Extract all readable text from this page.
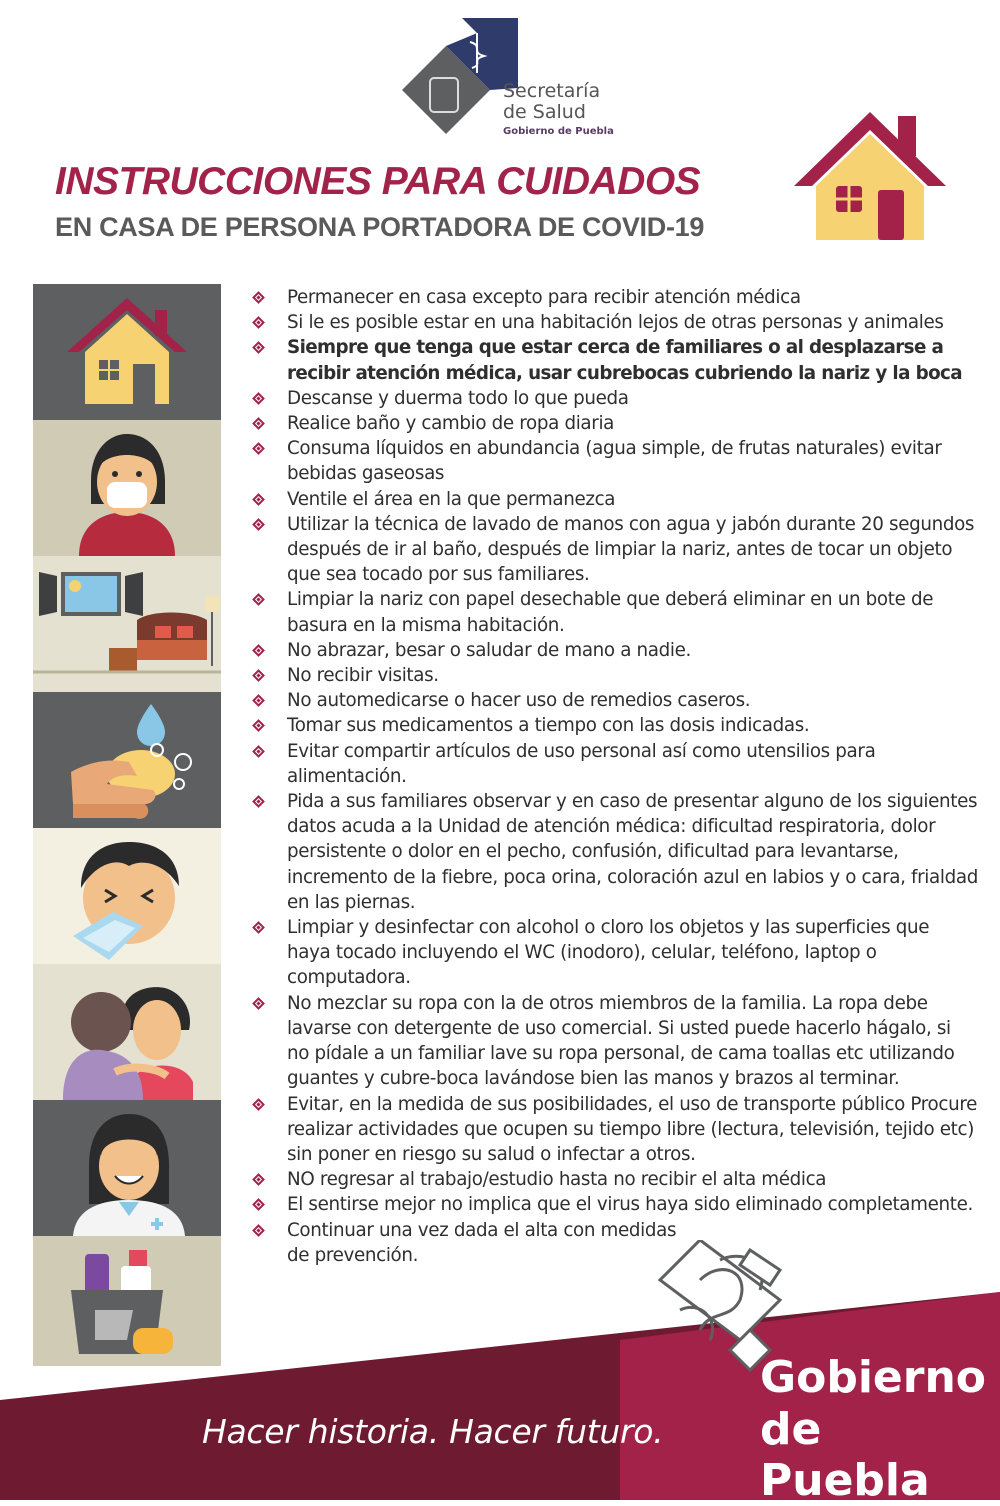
Secretaría
de Salud
Gobierno de Puebla
INSTRUCCIONES PARA CUIDADOS
EN CASA DE PERSONA PORTADORA DE COVID-19
Permanecer en casa excepto para recibir atención médica
Si le es posible estar en una habitación lejos de otras personas y animales
Siempre que tenga que estar cerca de familiares o al desplazarse a recibir atención médica, usar cubrebocas cubriendo la nariz y la boca
Descanse y duerma todo lo que pueda
Realice baño y cambio de ropa diaria
Consuma líquidos en abundancia (agua simple, de frutas naturales) evitar bebidas gaseosas
Ventile el área en la que permanezca
Utilizar la técnica de lavado de manos con agua y jabón durante 20 segundos después de ir al baño, después de limpiar la nariz, antes de tocar un objeto que sea tocado por sus familiares.
Limpiar la nariz con papel desechable que deberá eliminar en un bote de basura en la misma habitación.
No abrazar, besar o saludar de mano a nadie.
No recibir visitas.
No automedicarse o hacer uso de remedios caseros.
Tomar sus medicamentos a tiempo con las dosis indicadas.
Evitar compartir artículos de uso personal así como utensilios para alimentación.
Pida a sus familiares observar y en caso de presentar alguno de los siguientes datos acuda a la Unidad de atención médica: dificultad respiratoria, dolor persistente o dolor en el pecho, confusión, dificultad para levantarse, incremento de la fiebre, poca orina, coloración azul en labios y o cara, frialdad en las piernas.
Limpiar y desinfectar con alcohol o cloro los objetos y las superficies que haya tocado incluyendo el WC (inodoro), celular, teléfono, laptop o computadora.
No mezclar su ropa con la de otros miembros de la familia. La ropa debe lavarse con detergente de uso comercial. Si usted puede hacerlo hágalo, si no pídale a un familiar lave su ropa personal, de cama toallas etc utilizando guantes y cubre-boca lavándose bien las manos y brazos al terminar.
Evitar, en la medida de sus posibilidades, el uso de transporte público Procure realizar actividades que ocupen su tiempo libre (lectura, televisión, tejido etc) sin poner en riesgo su salud o infectar a otros.
NO regresar al trabajo/estudio hasta no recibir el alta médica
El sentirse mejor no implica que el virus haya sido eliminado completamente.
Continuar una vez dada el alta con medidas de prevención.
Hacer historia. Hacer futuro.
Gobierno
de Puebla
